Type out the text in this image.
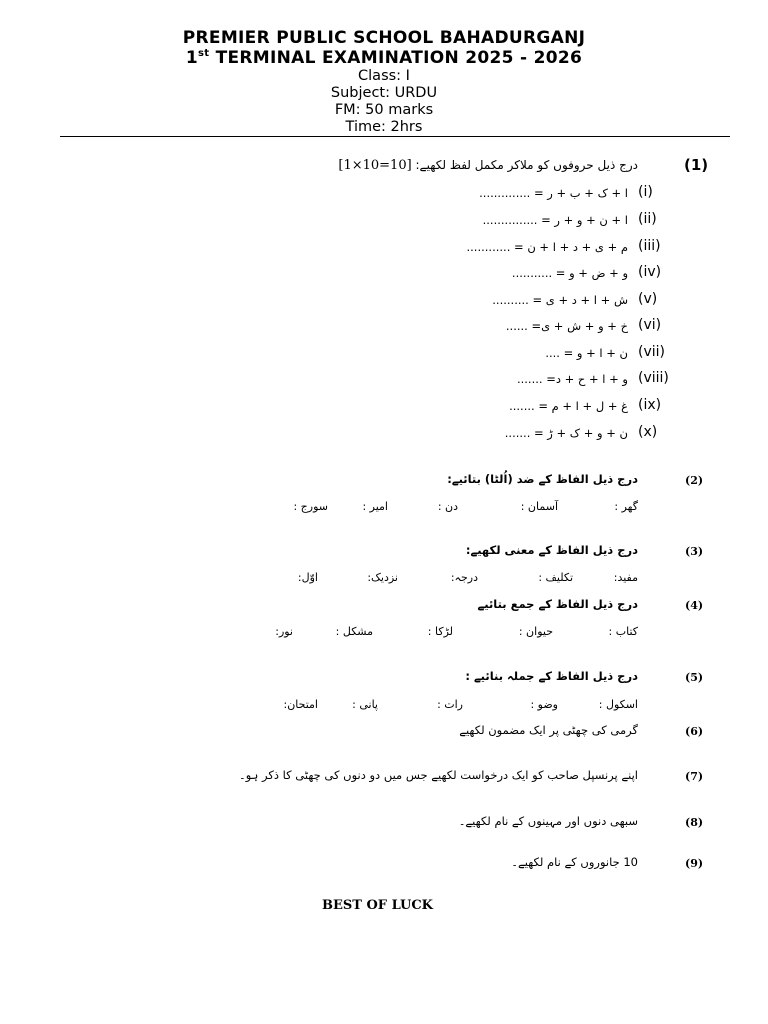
PREMIER PUBLIC SCHOOL BAHADURGANJ
1st TERMINAL EXAMINATION 2025 - 2026
Class: I
Subject: URDU
FM: 50 marks
Time: 2hrs
(1)
درج ذیل حروفوں کو ملاکر مکمل لفظ لکھیے: [1×10=10]
(i)
ا + ک + ب + ر = ..............
(ii)
ا + ن + و + ر = ...............
(iii)
م + ی + د + ا + ن = ............
(iv)
و + ض + و = ...........
(v)
ش + ا + د + ی = ..........
(vi)
خ + و + ش + ی= ......
(vii)
ن + ا + و = ....
(viii)
و + ا + ح + د= .......
(ix)
غ + ل + ا + م = .......
(x)
ن + و + ک + ڑ = .......
(2)
درج ذیل الفاظ کے ضد (اُلٹا) بتائیے:
گھر :آسمان :دن :امیر :سورج :
(3)
درج ذیل الفاظ کے معنی لکھیے:
مفید:تکلیف :درجہ:نزدیک:اوّل:
(4)
درج ذیل الفاظ کے جمع بتائیے
کتاب :حیوان :لڑکا :مشکل :نور:
(5)
درج ذیل الفاظ کے جملہ بنائیے :
اسکول :وضو :رات :پانی :امتحان:
(6)
گرمی کی چھٹی پر ایک مضمون لکھیے
(7)
اپنے پرنسپل صاحب کو ایک درخواست لکھیے جس میں دو دنوں کی چھٹی کا ذکر ہو۔
(8)
سبھی دنوں اور مہینوں کے نام لکھیے۔
(9)
10 جانوروں کے نام لکھیے۔
BEST OF LUCK
